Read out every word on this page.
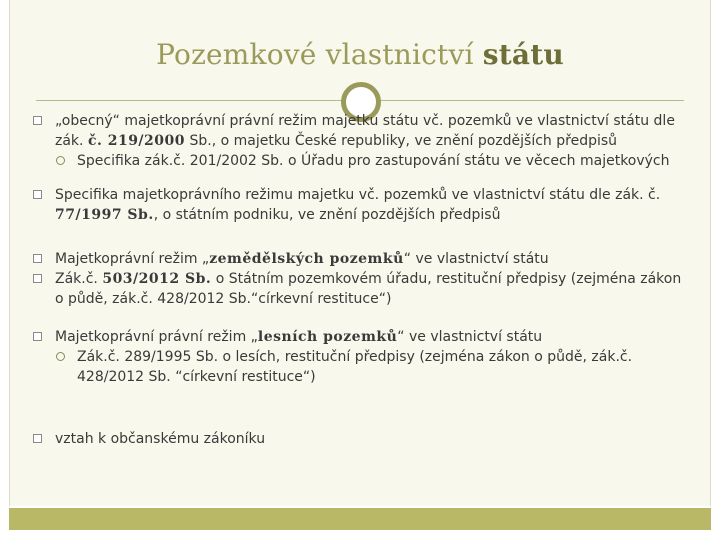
Pozemkové vlastnictví státu
„obecný“ majetkoprávní právní režim majetku státu vč. pozemků ve vlastnictví státu dle zák. č. 219/2000 Sb., o majetku České republiky, ve znění pozdějších předpisů
Specifika zák.č. 201/2002 Sb. o Úřadu pro zastupování státu ve věcech majetkových
Specifika majetkoprávního režimu majetku vč. pozemků ve vlastnictví státu dle zák. č. 77/1997 Sb., o státním podniku, ve znění pozdějších předpisů
Majetkoprávní režim „zemědělských pozemků“ ve vlastnictví státu
Zák.č. 503/2012 Sb. o Státním pozemkovém úřadu, restituční předpisy (zejména zákon o půdě, zák.č. 428/2012 Sb.“církevní restituce“)
Majetkoprávní právní režim „lesních pozemků“ ve vlastnictví státu
Zák.č. 289/1995 Sb. o lesích, restituční předpisy (zejména zákon o půdě, zák.č. 428/2012 Sb. “církevní restituce“)
vztah k občanskému zákoníku
